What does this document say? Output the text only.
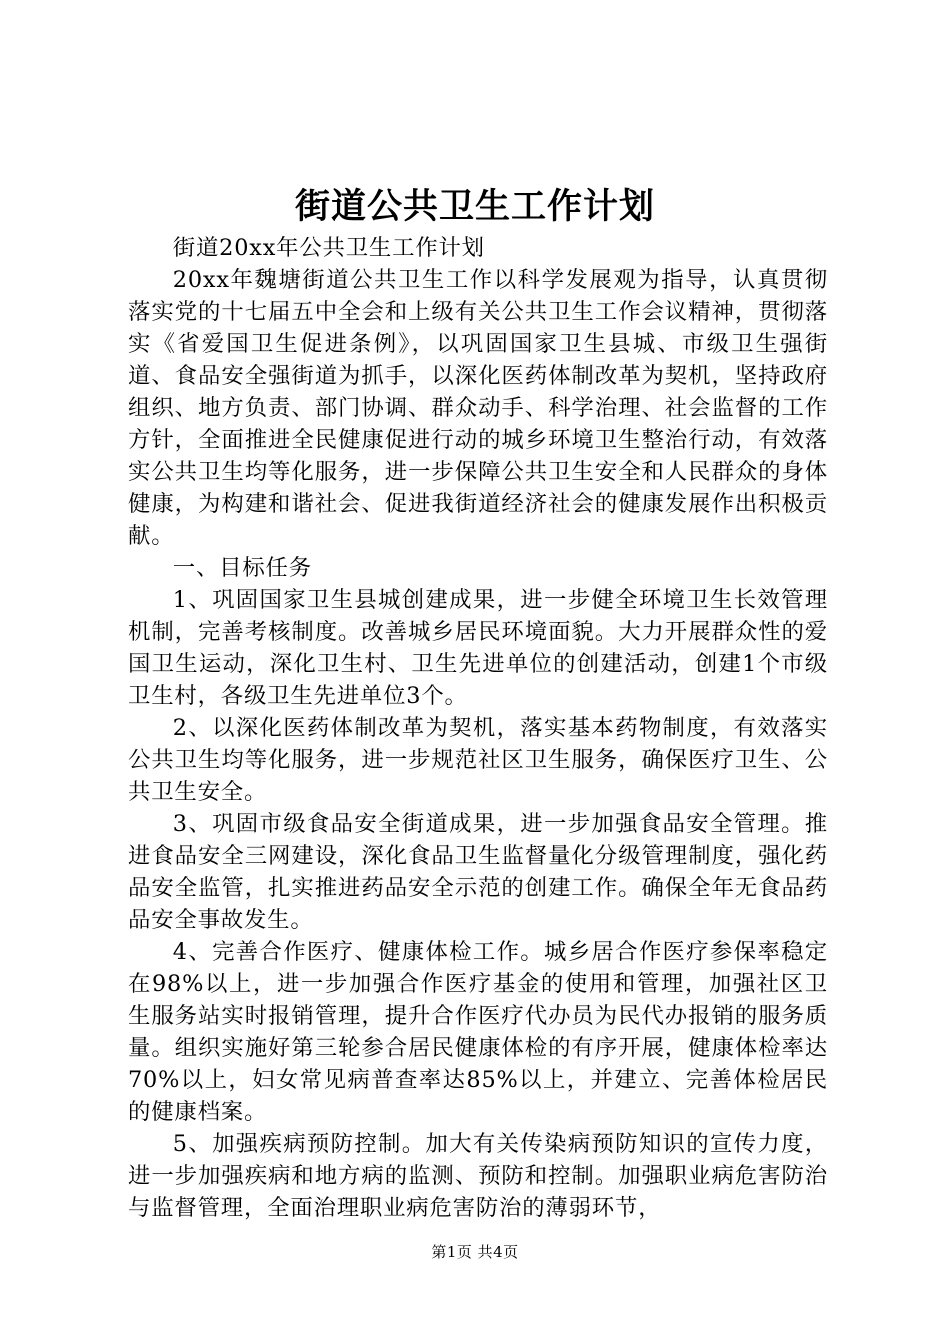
街道公共卫生工作计划

街道20xx年公共卫生工作计划

20xx年魏塘街道公共卫生工作以科学发展观为指导，认真贯彻落实党的十七届五中全会和上级有关公共卫生工作会议精神，贯彻落实《省爱国卫生促进条例》，以巩固国家卫生县城、市级卫生强街道、食品安全强街道为抓手，以深化医药体制改革为契机，坚持政府组织、地方负责、部门协调、群众动手、科学治理、社会监督的工作方针，全面推进全民健康促进行动的城乡环境卫生整治行动，有效落实公共卫生均等化服务，进一步保障公共卫生安全和人民群众的身体健康，为构建和谐社会、促进我街道经济社会的健康发展作出积极贡献。

一、目标任务

1、巩固国家卫生县城创建成果，进一步健全环境卫生长效管理机制，完善考核制度。改善城乡居民环境面貌。大力开展群众性的爱国卫生运动，深化卫生村、卫生先进单位的创建活动，创建1个市级卫生村，各级卫生先进单位3个。

2、以深化医药体制改革为契机，落实基本药物制度，有效落实公共卫生均等化服务，进一步规范社区卫生服务，确保医疗卫生、公共卫生安全。

3、巩固市级食品安全街道成果，进一步加强食品安全管理。推进食品安全三网建设，深化食品卫生监督量化分级管理制度，强化药品安全监管，扎实推进药品安全示范的创建工作。确保全年无食品药品安全事故发生。

4、完善合作医疗、健康体检工作。城乡居合作医疗参保率稳定在98%以上，进一步加强合作医疗基金的使用和管理，加强社区卫生服务站实时报销管理，提升合作医疗代办员为民代办报销的服务质量。组织实施好第三轮参合居民健康体检的有序开展，健康体检率达70%以上，妇女常见病普查率达85%以上，并建立、完善体检居民的健康档案。

5、加强疾病预防控制。加大有关传染病预防知识的宣传力度，进一步加强疾病和地方病的监测、预防和控制。加强职业病危害防治与监督管理，全面治理职业病危害防治的薄弱环节，

第1页 共4页
